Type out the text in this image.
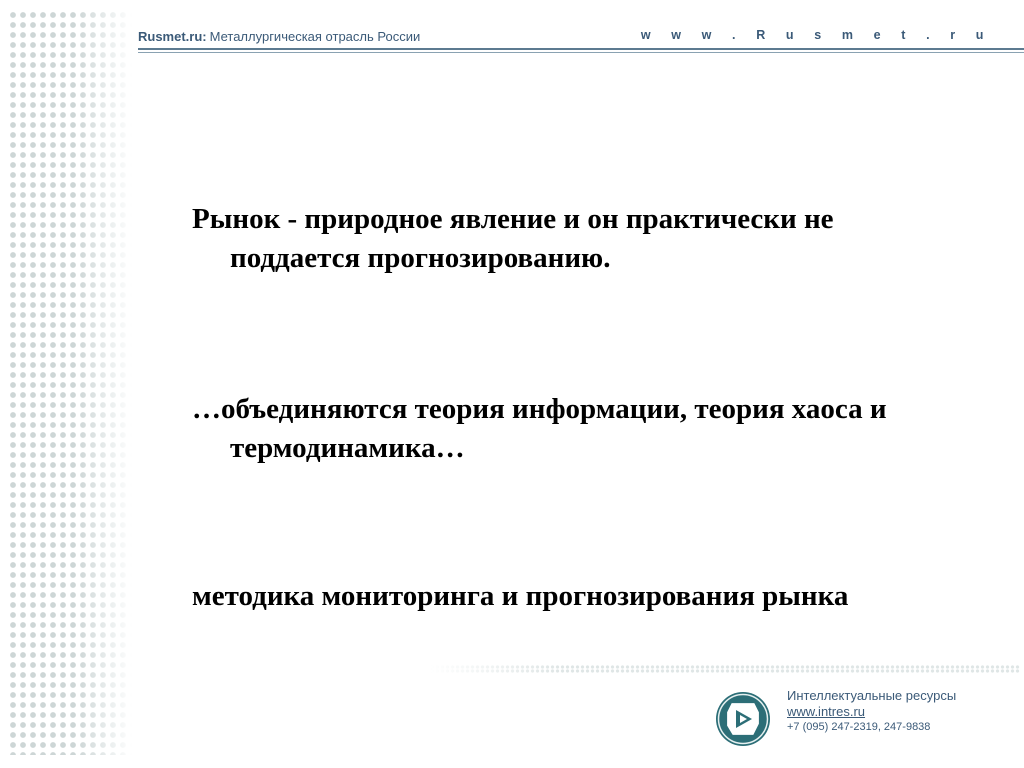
Rusmet.ru: Металлургическая отрасль России	w w w . R u s m e t . r u
Рынок - природное явление и он практически не поддается прогнозированию.
…объединяются теория информации, теория хаоса и термодинамика…
методика мониторинга и прогнозирования рынка
Интеллектуальные ресурсы
www.intres.ru
+7 (095) 247-2319, 247-9838
